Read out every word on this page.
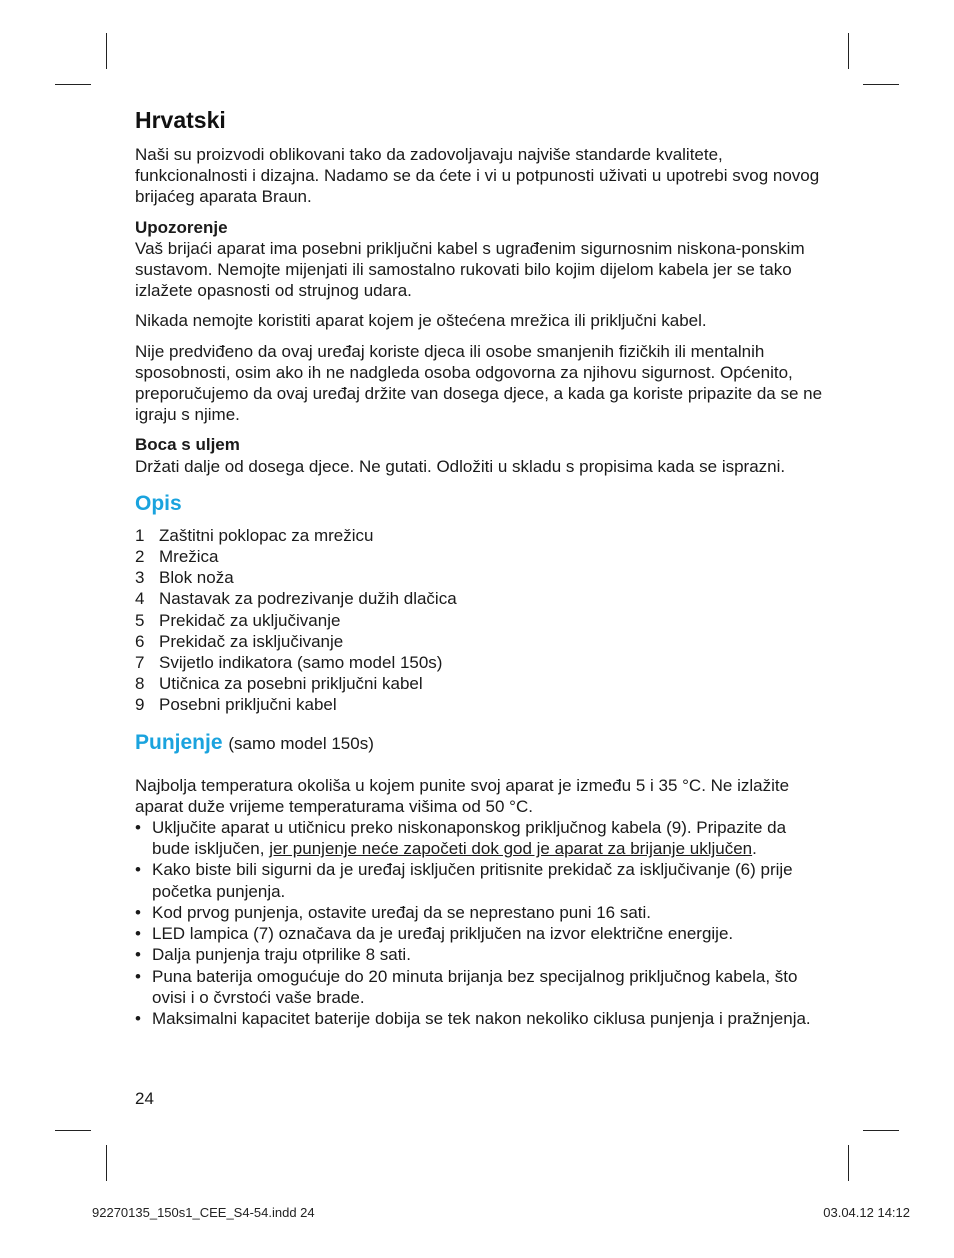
Hrvatski

Naši su proizvodi oblikovani tako da zadovoljavaju najviše standarde kvalitete, funkcionalnosti i dizajna. Nadamo se da ćete i vi u potpunosti uživati u upotrebi svog novog brijaćeg aparata Braun.

Upozorenje

Vaš brijaći aparat ima posebni priključni kabel s ugrađenim sigurnosnim niskona-ponskim sustavom. Nemojte mijenjati ili samostalno rukovati bilo kojim dijelom kabela jer se tako izlažete opasnosti od strujnog udara.

Nikada nemojte koristiti aparat kojem je oštećena mrežica ili priključni kabel.

Nije predviđeno da ovaj uređaj koriste djeca ili osobe smanjenih fizičkih ili mentalnih sposobnosti, osim ako ih ne nadgleda osoba odgovorna za njihovu sigurnost. Općenito, preporučujemo da ovaj uređaj držite van dosega djece, a kada ga koriste pripazite da se ne igraju s njime.

Boca s uljem

Držati dalje od dosega djece. Ne gutati. Odložiti u skladu s propisima kada se isprazni.

Opis
1 Zaštitni poklopac za mrežicu
2 Mrežica
3 Blok noža
4 Nastavak za podrezivanje dužih dlačica
5 Prekidač za uključivanje
6 Prekidač za isključivanje
7 Svijetlo indikatora (samo model 150s)
8 Utičnica za posebni priključni kabel
9 Posebni priključni kabel
Punjenje (samo model 150s)

Najbolja temperatura okoliša u kojem punite svoj aparat je između 5 i 35 °C. Ne izlažite aparat duže vrijeme temperaturama višima od 50 °C.

• Uključite aparat u utičnicu preko niskonaponskog priključnog kabela (9). Pripazite da bude isključen, jer punjenje neće započeti dok god je aparat za brijanje uključen.
• Kako biste bili sigurni da je uređaj isključen pritisnite prekidač za isključivanje (6) prije početka punjenja.
• Kod prvog punjenja, ostavite uređaj da se neprestano puni 16 sati.
• LED lampica (7) označava da je uređaj priključen na izvor električne energije.
• Dalja punjenja traju otprilike 8 sati.
• Puna baterija omogućuje do 20 minuta brijanja bez specijalnog priključnog kabela, što ovisi i o čvrstoći vaše brade.
• Maksimalni kapacitet baterije dobija se tek nakon nekoliko ciklusa punjenja i pražnjenja.
24
92270135_150s1_CEE_S4-54.indd 24	03.04.12 14:12
